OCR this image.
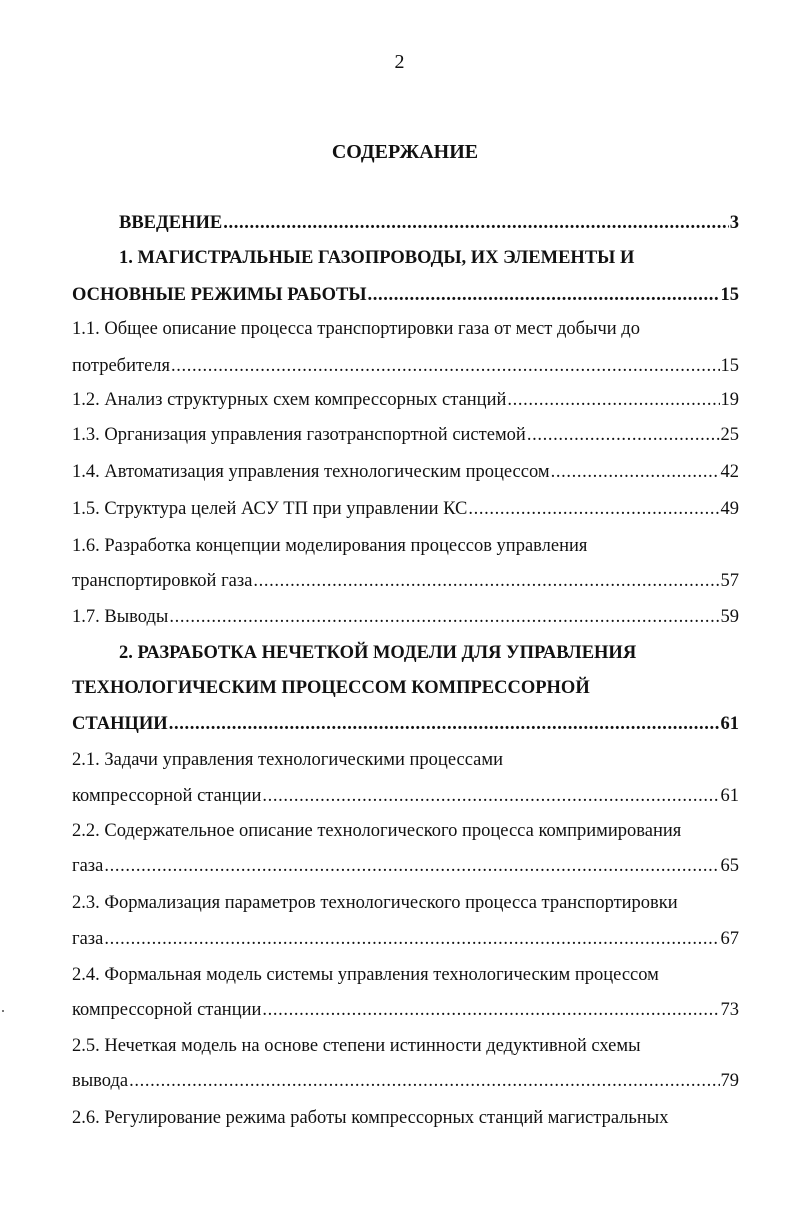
2
СОДЕРЖАНИЕ
ВВЕДЕНИЕ . . .	3
1. МАГИСТРАЛЬНЫЕ ГАЗОПРОВОДЫ, ИХ ЭЛЕМЕНТЫ И
ОСНОВНЫЕ РЕЖИМЫ РАБОТЫ . . .	15
1.1. Общее описание процесса транспортировки газа от мест добычи до
потребителя . . .	15
1.2. Анализ структурных схем компрессорных станций . . .	19
1.3. Организация управления газотранспортной системой . . .	25
1.4. Автоматизация управления технологическим процессом . . .	42
1.5. Структура целей АСУ ТП при управлении КС . . .	49
1.6. Разработка концепции моделирования процессов управления
транспортировкой газа . . .	57
1.7. Выводы . . .	59
2. РАЗРАБОТКА НЕЧЕТКОЙ МОДЕЛИ ДЛЯ УПРАВЛЕНИЯ
ТЕХНОЛОГИЧЕСКИМ ПРОЦЕССОМ КОМПРЕССОРНОЙ
СТАНЦИИ . . .	61
2.1. Задачи управления технологическими процессами
компрессорной станции . . .	61
2.2. Содержательное описание технологического процесса компримирования
газа . . .	65
2.3. Формализация параметров технологического процесса транспортировки
газа . . .	67
2.4. Формальная модель системы управления технологическим процессом
компрессорной станции . . .	73
2.5. Нечеткая модель на основе степени истинности дедуктивной схемы
вывода . . .	79
2.6. Регулирование режима работы компрессорных станций магистральных
